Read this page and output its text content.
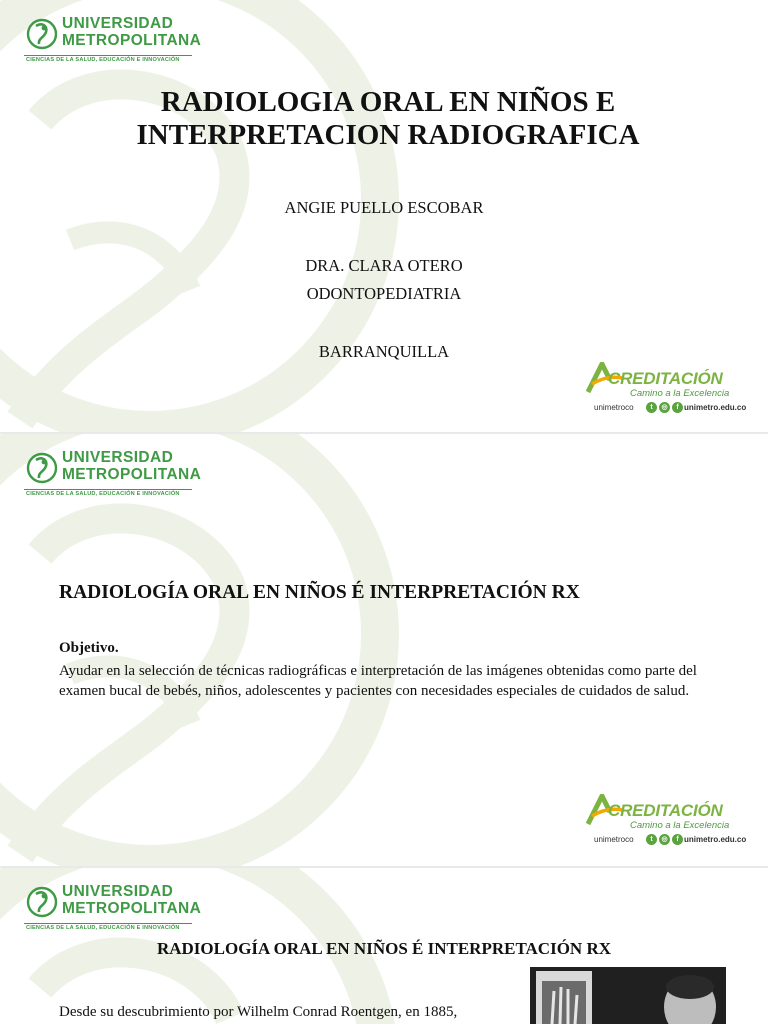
UNIVERSIDAD
METROPOLITANA
CIENCIAS DE LA SALUD, EDUCACIÓN E INNOVACIÓN

RADIOLOGIA ORAL EN NIÑOS E INTERPRETACION RADIOGRAFICA
ANGIE PUELLO ESCOBAR
DRA. CLARA OTERO
ODONTOPEDIATRIA
BARRANQUILLA
CREDITACIÓN
Camino a la Excelencia
unimetroco	t	◎	f unimetro.edu.co
UNIVERSIDAD
METROPOLITANA
CIENCIAS DE LA SALUD, EDUCACIÓN E INNOVACIÓN
CREDITACIÓN
Camino a la Excelencia
unimetroco	t	◎	f unimetro.edu.co
RADIOLOGÍA ORAL EN NIÑOS É INTERPRETACIÓN RX
Objetivo.
Ayudar en la selección de técnicas radiográficas e interpretación de las imágenes obtenidas como parte del examen bucal de bebés, niños, adolescentes y pacientes con necesidades especiales de cuidados de salud.
UNIVERSIDAD
METROPOLITANA
CIENCIAS DE LA SALUD, EDUCACIÓN E INNOVACIÓN
RADIOLOGÍA ORAL EN NIÑOS É INTERPRETACIÓN RX
Desde su descubrimiento por Wilhelm Conrad Roentgen, en 1885,
